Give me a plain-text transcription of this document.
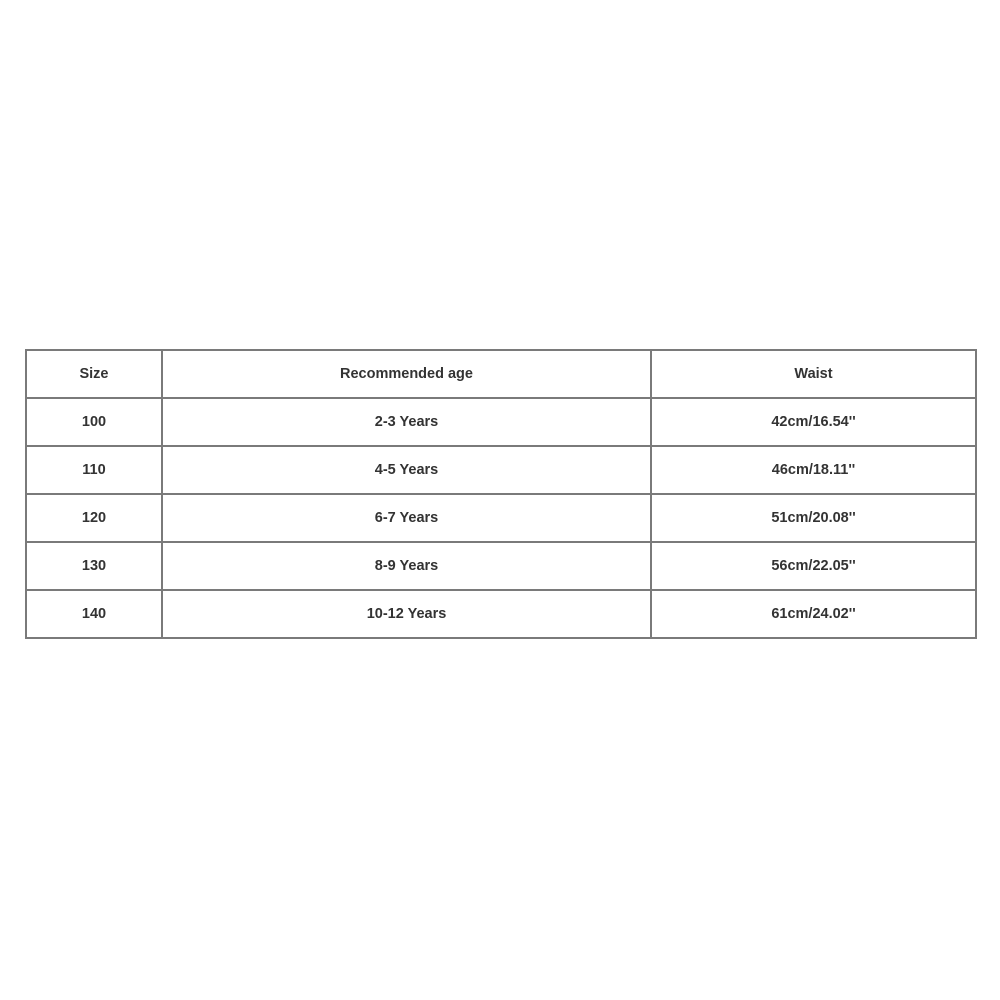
Size	Recommended age	Waist
100	2-3 Years	42cm/16.54''
110	4-5 Years	46cm/18.11''
120	6-7 Years	51cm/20.08''
130	8-9 Years	56cm/22.05''
140	10-12 Years	61cm/24.02''
